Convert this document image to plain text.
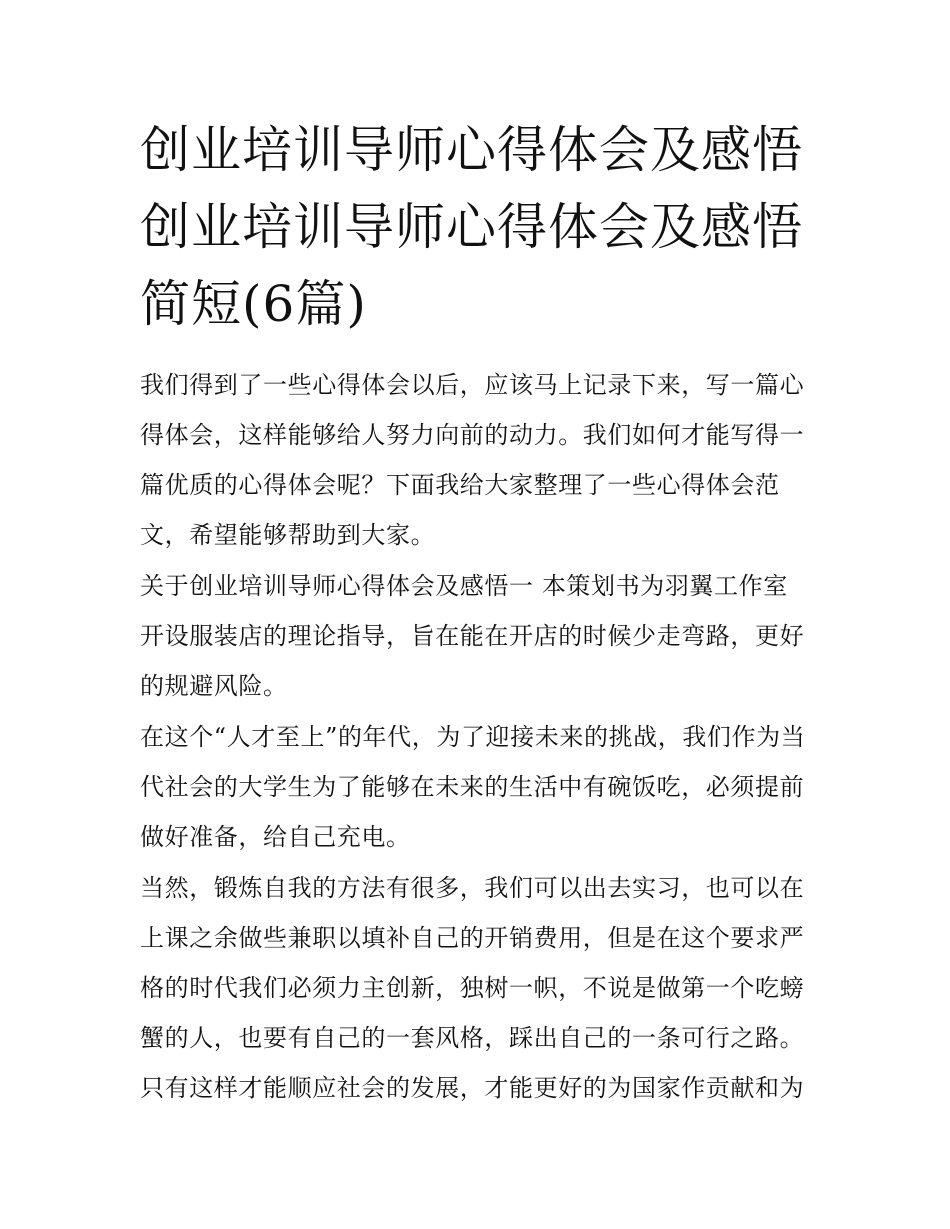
创业培训导师心得体会及感悟
创业培训导师心得体会及感悟
简短(6篇)

我们得到了一些心得体会以后，应该马上记录下来，写一篇心
得体会，这样能够给人努力向前的动力。我们如何才能写得一
篇优质的心得体会呢？下面我给大家整理了一些心得体会范
文，希望能够帮助到大家。

关于创业培训导师心得体会及感悟一 本策划书为羽翼工作室
开设服装店的理论指导，旨在能在开店的时候少走弯路，更好
的规避风险。

在这个“人才至上”的年代，为了迎接未来的挑战，我们作为当
代社会的大学生为了能够在未来的生活中有碗饭吃，必须提前
做好准备，给自己充电。

当然，锻炼自我的方法有很多，我们可以出去实习，也可以在
上课之余做些兼职以填补自己的开销费用，但是在这个要求严
格的时代我们必须力主创新，独树一帜，不说是做第一个吃螃
蟹的人，也要有自己的一套风格，踩出自己的一条可行之路。
只有这样才能顺应社会的发展，才能更好的为国家作贡献和为
